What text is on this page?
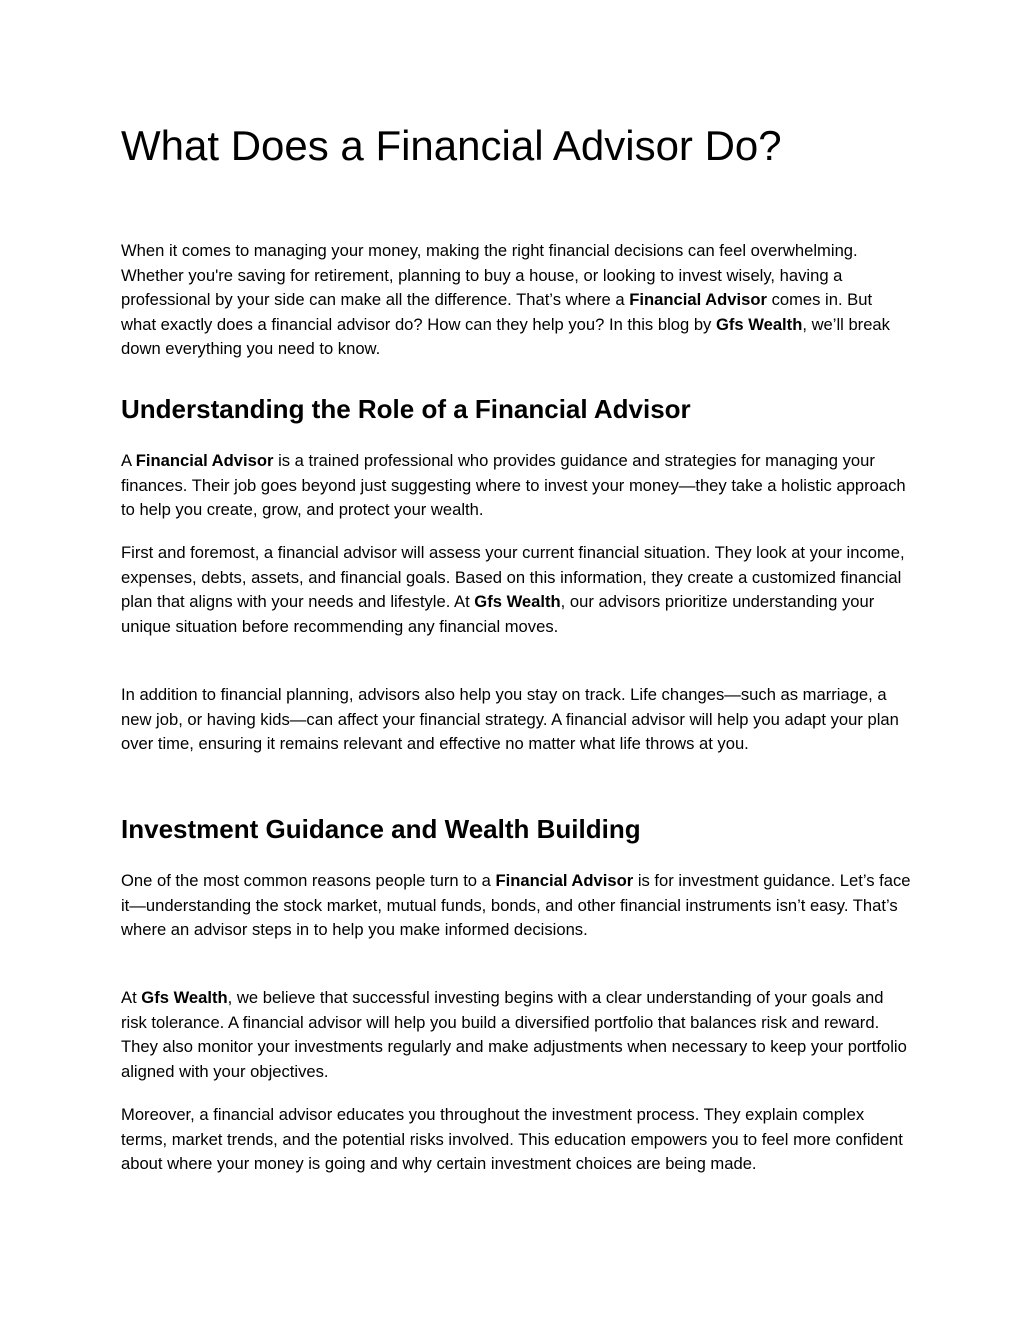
What Does a Financial Advisor Do?

When it comes to managing your money, making the right financial decisions can feel overwhelming. Whether you're saving for retirement, planning to buy a house, or looking to invest wisely, having a professional by your side can make all the difference. That’s where a Financial Advisor comes in. But what exactly does a financial advisor do? How can they help you? In this blog by Gfs Wealth, we’ll break down everything you need to know.

Understanding the Role of a Financial Advisor

A Financial Advisor is a trained professional who provides guidance and strategies for managing your finances. Their job goes beyond just suggesting where to invest your money—they take a holistic approach to help you create, grow, and protect your wealth.

First and foremost, a financial advisor will assess your current financial situation. They look at your income, expenses, debts, assets, and financial goals. Based on this information, they create a customized financial plan that aligns with your needs and lifestyle. At Gfs Wealth, our advisors prioritize understanding your unique situation before recommending any financial moves.

In addition to financial planning, advisors also help you stay on track. Life changes—such as marriage, a new job, or having kids—can affect your financial strategy. A financial advisor will help you adapt your plan over time, ensuring it remains relevant and effective no matter what life throws at you.

Investment Guidance and Wealth Building

One of the most common reasons people turn to a Financial Advisor is for investment guidance. Let’s face it—understanding the stock market, mutual funds, bonds, and other financial instruments isn’t easy. That’s where an advisor steps in to help you make informed decisions.

At Gfs Wealth, we believe that successful investing begins with a clear understanding of your goals and risk tolerance. A financial advisor will help you build a diversified portfolio that balances risk and reward. They also monitor your investments regularly and make adjustments when necessary to keep your portfolio aligned with your objectives.

Moreover, a financial advisor educates you throughout the investment process. They explain complex terms, market trends, and the potential risks involved. This education empowers you to feel more confident about where your money is going and why certain investment choices are being made.
